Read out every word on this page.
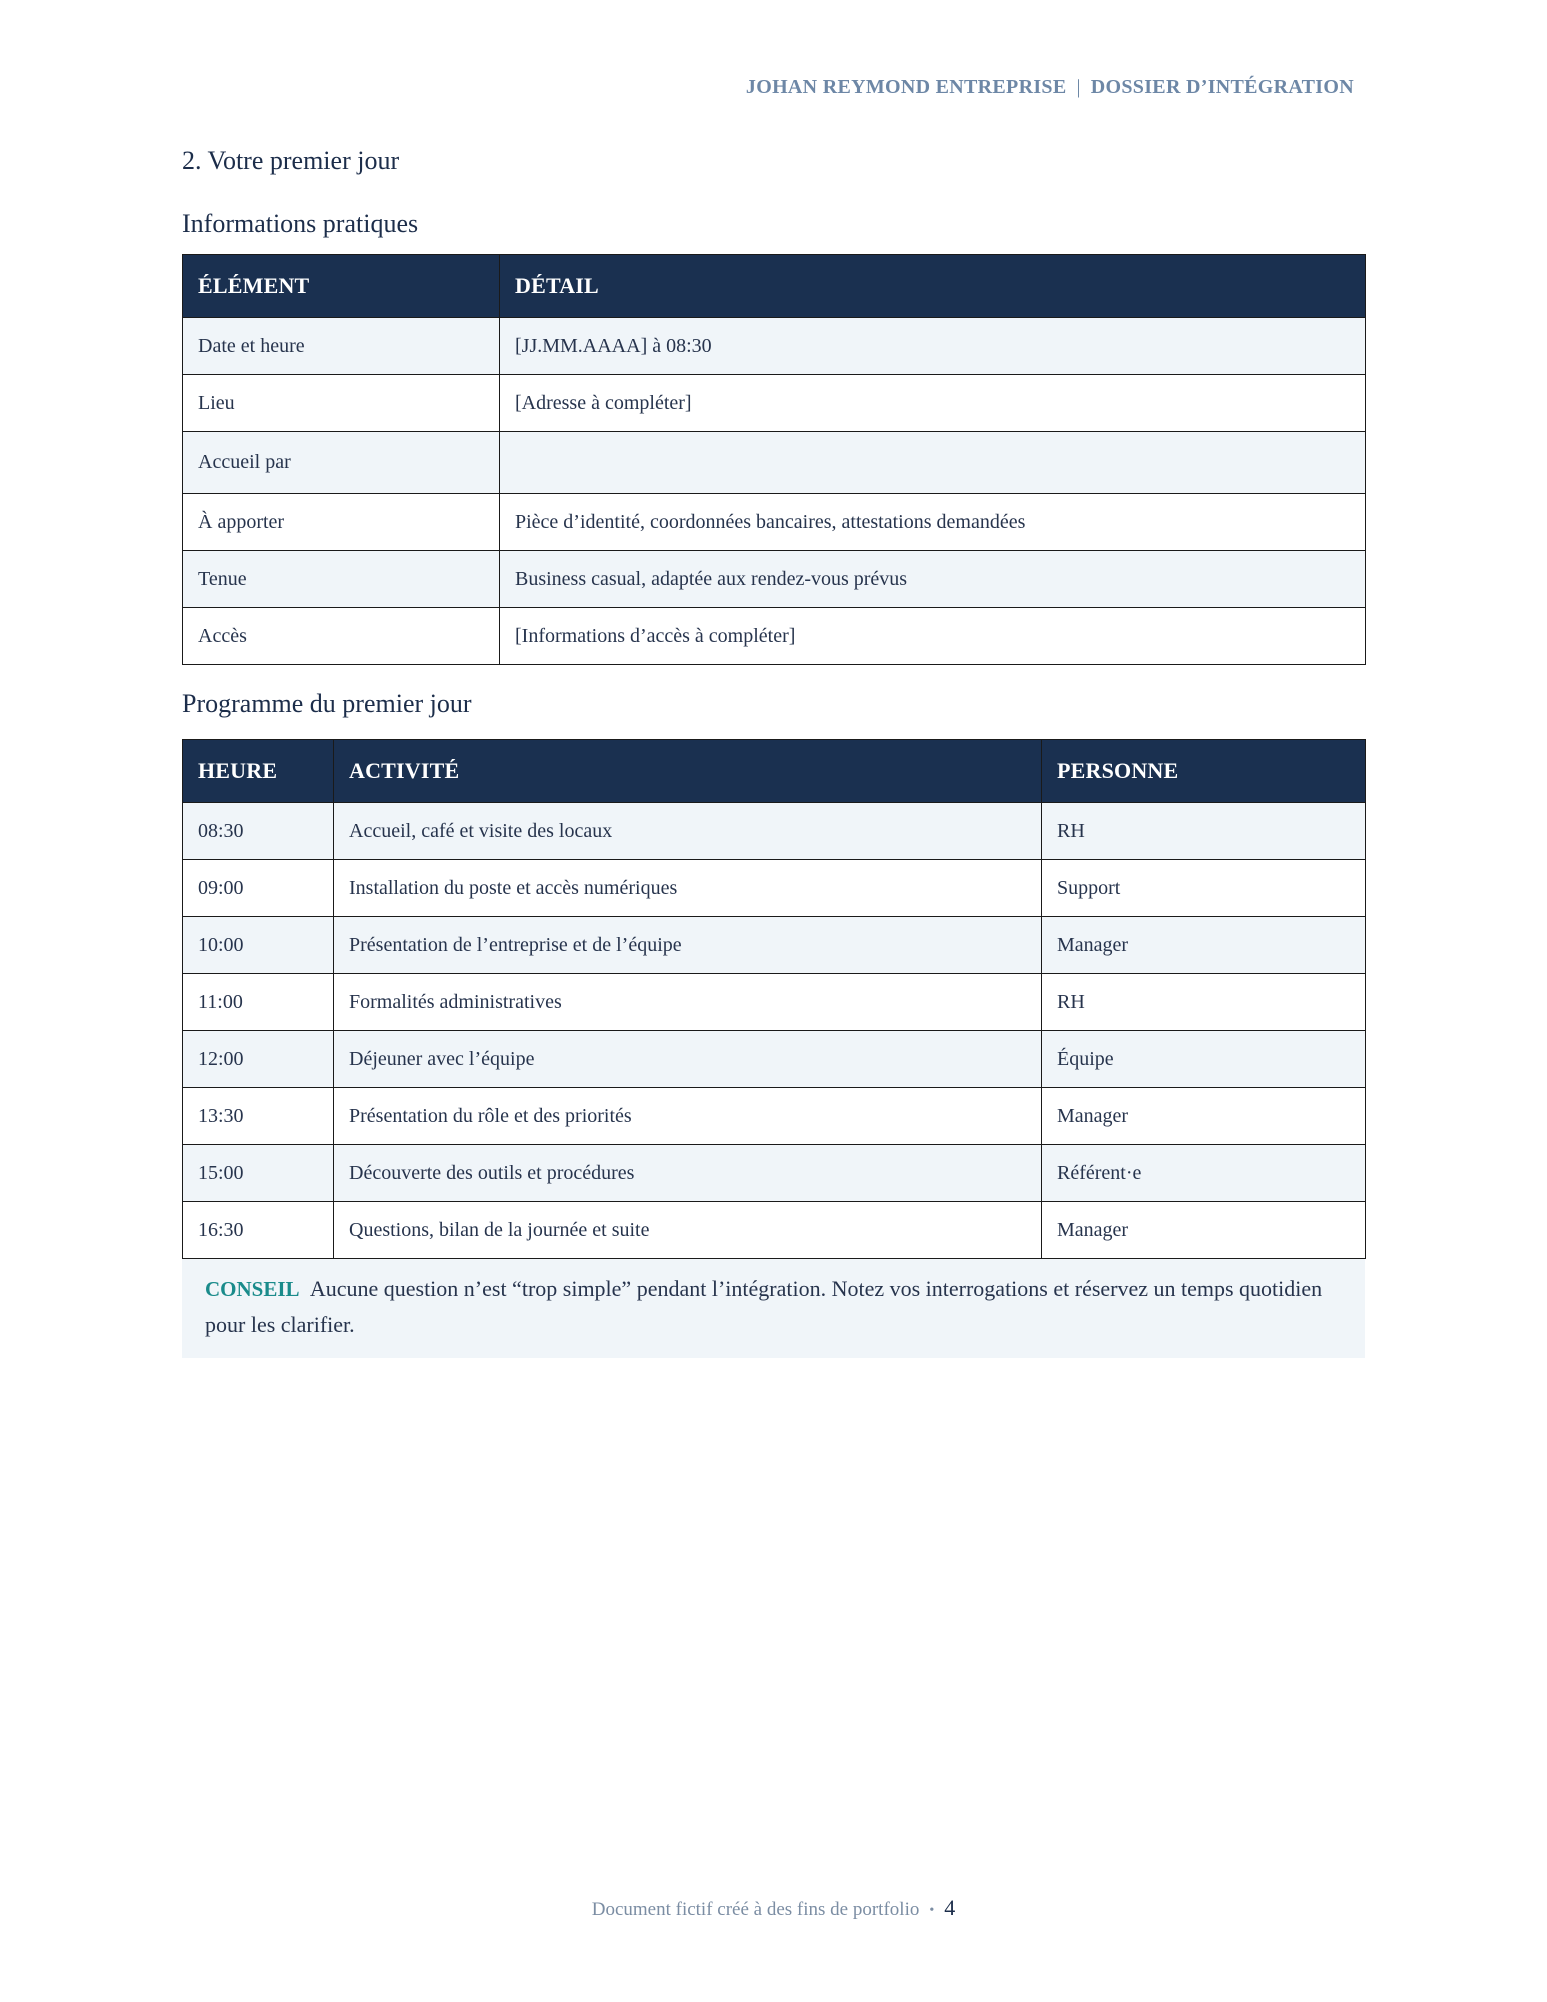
JOHAN REYMOND ENTREPRISE | DOSSIER D’INTÉGRATION
2. Votre premier jour
Informations pratiques
ÉLÉMENT	DÉTAIL
Date et heure	[JJ.MM.AAAA] à 08:30
Lieu	[Adresse à compléter]
Accueil par	
À apporter	Pièce d’identité, coordonnées bancaires, attestations demandées
Tenue	Business casual, adaptée aux rendez-vous prévus
Accès	[Informations d’accès à compléter]
Programme du premier jour
HEURE	ACTIVITÉ	PERSONNE
08:30	Accueil, café et visite des locaux	RH
09:00	Installation du poste et accès numériques	Support
10:00	Présentation de l’entreprise et de l’équipe	Manager
11:00	Formalités administratives	RH
12:00	Déjeuner avec l’équipe	Équipe
13:30	Présentation du rôle et des priorités	Manager
15:00	Découverte des outils et procédures	Référent·e
16:30	Questions, bilan de la journée et suite	Manager
CONSEIL Aucune question n’est “trop simple” pendant l’intégration. Notez vos interrogations et réservez un temps quotidien pour les clarifier.
Document fictif créé à des fins de portfolio • 4
